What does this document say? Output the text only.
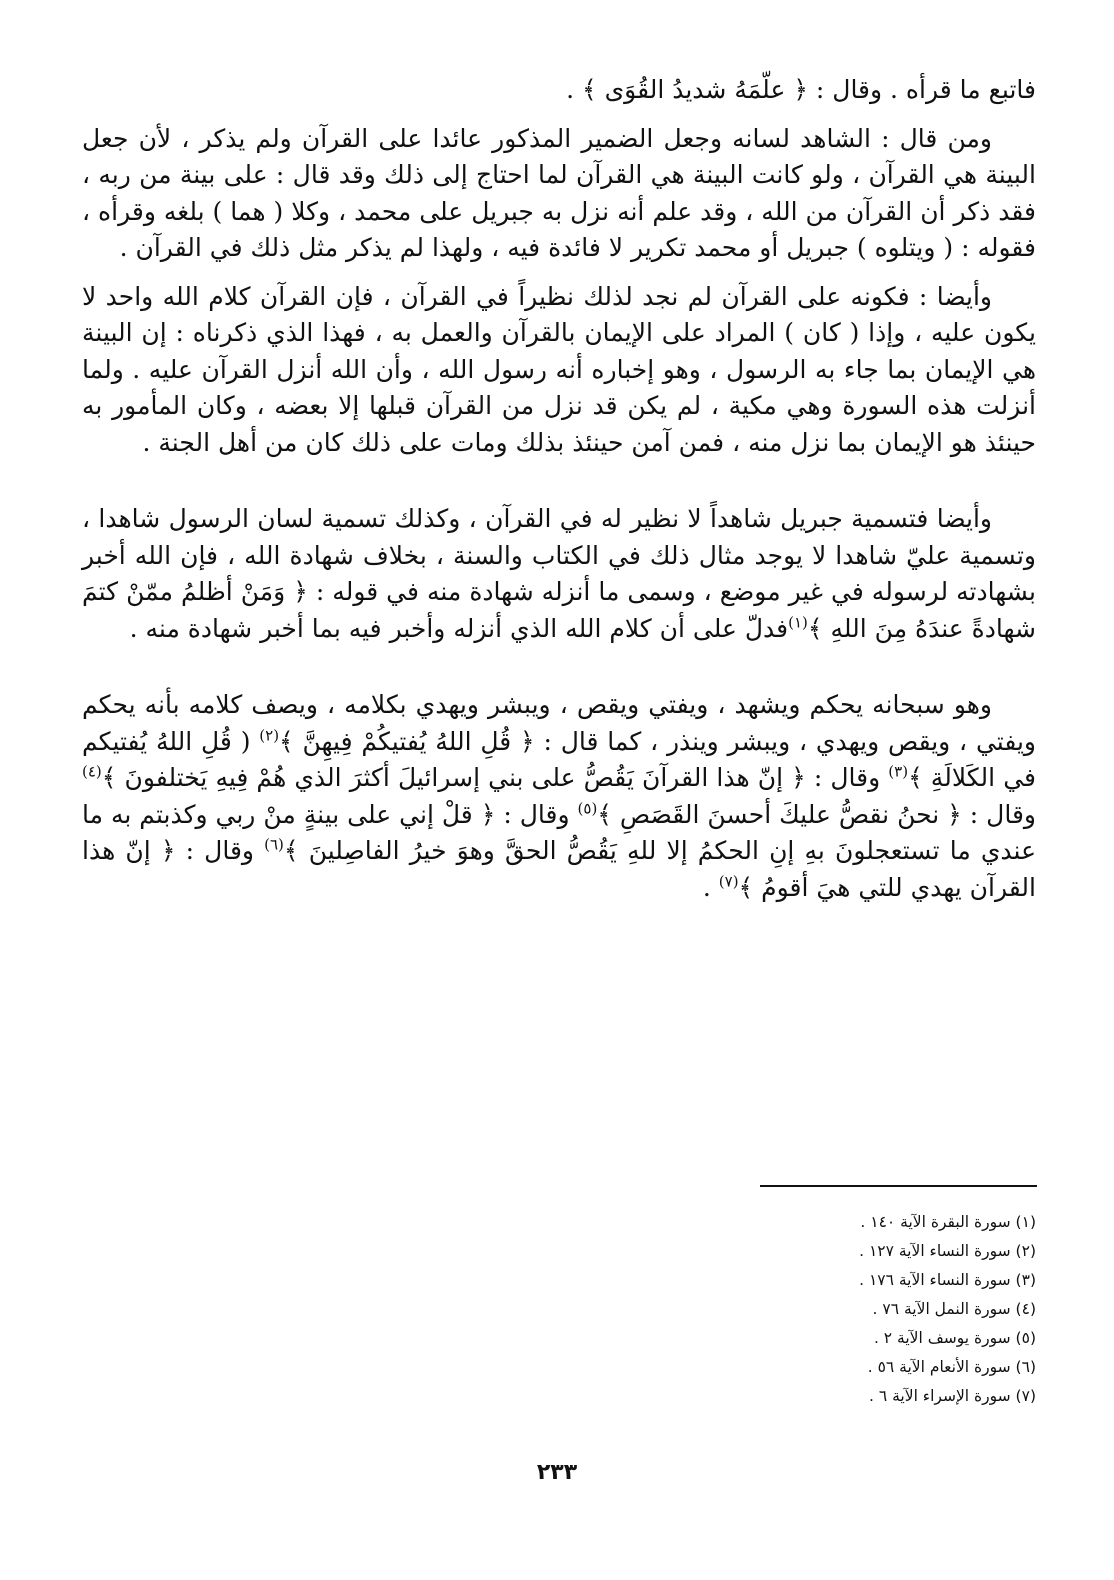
فاتبع ما قرأه . وقال : ﴿ علّمَهُ شديدُ القُوَى ﴾ .

ومن قال : الشاهد لسانه وجعل الضمير المذكور عائدا على القرآن ولم يذكر ، لأن جعل البينة هي القرآن ، ولو كانت البينة هي القرآن لما احتاج إلى ذلك وقد قال : على بينة من ربه ، فقد ذكر أن القرآن من الله ، وقد علم أنه نزل به جبريل على محمد ، وكلا ( هما ) بلغه وقرأه ، فقوله : ( ويتلوه ) جبريل أو محمد تكرير لا فائدة فيه ، ولهذا لم يذكر مثل ذلك في القرآن .

وأيضا : فكونه على القرآن لم نجد لذلك نظيراً في القرآن ، فإن القرآن كلام الله واحد لا يكون عليه ، وإذا ( كان ) المراد على الإيمان بالقرآن والعمل به ، فهذا الذي ذكرناه : إن البينة هي الإيمان بما جاء به الرسول ، وهو إخباره أنه رسول الله ، وأن الله أنزل القرآن عليه . ولما أنزلت هذه السورة وهي مكية ، لم يكن قد نزل من القرآن قبلها إلا بعضه ، وكان المأمور به حينئذ هو الإيمان بما نزل منه ، فمن آمن حينئذ بذلك ومات على ذلك كان من أهل الجنة .

وأيضا فتسمية جبريل شاهداً لا نظير له في القرآن ، وكذلك تسمية لسان الرسول شاهدا ، وتسمية عليّ شاهدا لا يوجد مثال ذلك في الكتاب والسنة ، بخلاف شهادة الله ، فإن الله أخبر بشهادته لرسوله في غير موضع ، وسمى ما أنزله شهادة منه في قوله : ﴿ وَمَنْ أظلمُ ممّنْ كتمَ شهادةً عندَهُ مِنَ اللهِ ﴾$^{(١)}$فدلّ على أن كلام الله الذي أنزله وأخبر فيه بما أخبر شهادة منه .

وهو سبحانه يحكم ويشهد ، ويفتي ويقص ، ويبشر ويهدي بكلامه ، ويصف كلامه بأنه يحكم ويفتي ، ويقص ويهدي ، ويبشر وينذر ، كما قال : ﴿ قُلِ اللهُ يُفتيكُمْ فِيهِنَّ ﴾$^{(٢)}$ ( قُلِ اللهُ يُفتيكم في الكَلالَةِ ﴾$^{(٣)}$ وقال : ﴿ إنّ هذا القرآنَ يَقُصُّ على بني إسرائيلَ أكثرَ الذي هُمْ فِيهِ يَختلفونَ ﴾$^{(٤)}$ وقال : ﴿ نحنُ نقصُّ عليكَ أحسنَ القَصَصِ ﴾$^{(٥)}$ وقال : ﴿ قلْ إني على بينةٍ منْ ربي وكذبتم به ما عندي ما تستعجلونَ بهِ إنِ الحكمُ إلا للهِ يَقُصُّ الحقَّ وهوَ خيرُ الفاصِلينَ ﴾$^{(٦)}$ وقال : ﴿ إنّ هذا القرآن يهدي للتي هيَ أقومُ ﴾$^{(٧)}$ .

(١) سورة البقرة الآية ١٤٠ .
(٢) سورة النساء الآية ١٢٧ .
(٣) سورة النساء الآية ١٧٦ .
(٤) سورة النمل الآية ٧٦ .
(٥) سورة يوسف الآية ٢ .
(٦) سورة الأنعام الآية ٥٦ .
(٧) سورة الإسراء الآية ٦ .
٢٣٣
